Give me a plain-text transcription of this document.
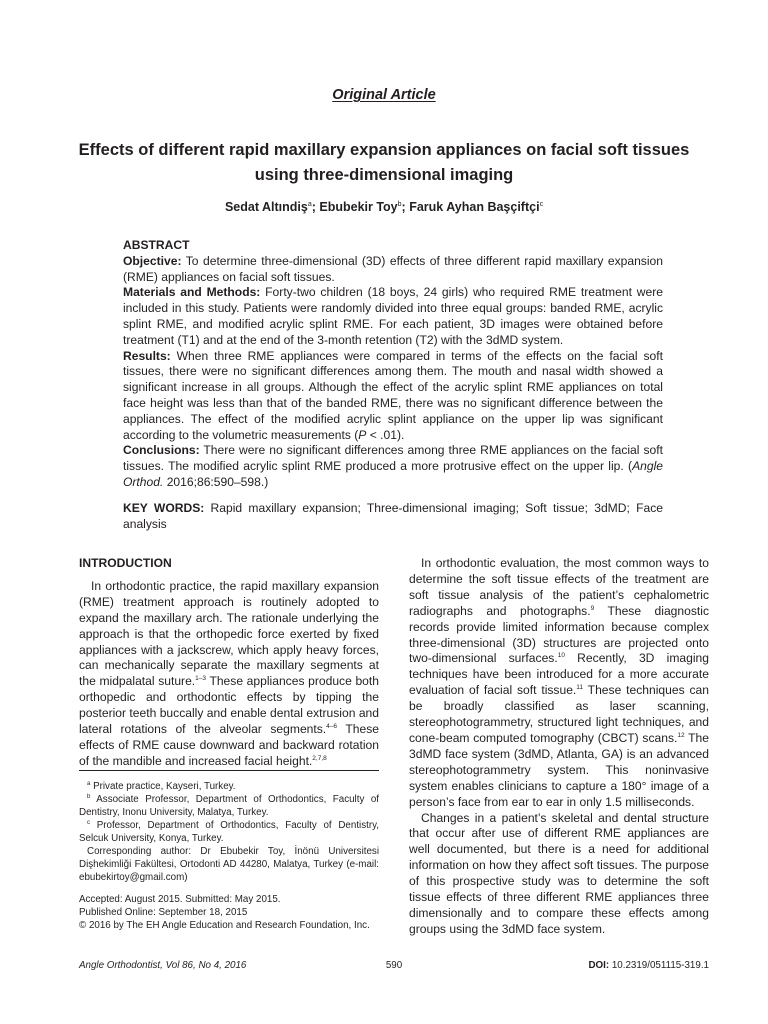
Original Article
Effects of different rapid maxillary expansion appliances on facial soft tissues using three-dimensional imaging
Sedat Altındiş$^a$; Ebubekir Toy$^b$; Faruk Ayhan Başçiftçi$^c$

ABSTRACT

Objective: To determine three-dimensional (3D) effects of three different rapid maxillary expansion (RME) appliances on facial soft tissues.

Materials and Methods: Forty-two children (18 boys, 24 girls) who required RME treatment were included in this study. Patients were randomly divided into three equal groups: banded RME, acrylic splint RME, and modified acrylic splint RME. For each patient, 3D images were obtained before treatment (T1) and at the end of the 3-month retention (T2) with the 3dMD system.

Results: When three RME appliances were compared in terms of the effects on the facial soft tissues, there were no significant differences among them. The mouth and nasal width showed a significant increase in all groups. Although the effect of the acrylic splint RME appliances on total face height was less than that of the banded RME, there was no significant difference between the appliances. The effect of the modified acrylic splint appliance on the upper lip was significant according to the volumetric measurements (P < .01).

Conclusions: There were no significant differences among three RME appliances on the facial soft tissues. The modified acrylic splint RME produced a more protrusive effect on the upper lip. (Angle Orthod. 2016;86:590–598.)

KEY WORDS: Rapid maxillary expansion; Three-dimensional imaging; Soft tissue; 3dMD; Face analysis

INTRODUCTION

In orthodontic practice, the rapid maxillary expansion (RME) treatment approach is routinely adopted to expand the maxillary arch. The rationale underlying the approach is that the orthopedic force exerted by fixed appliances with a jackscrew, which apply heavy forces, can mechanically separate the maxillary segments at the midpalatal suture.$^{1-3}$ These appliances produce both orthopedic and orthodontic effects by tipping the posterior teeth buccally and enable dental extrusion and lateral rotations of the alveolar segments.$^{4-6}$ These effects of RME cause downward and backward rotation of the mandible and increased facial height.$^{2,7,8}$

$^a$ Private practice, Kayseri, Turkey.

$^b$ Associate Professor, Department of Orthodontics, Faculty of Dentistry, Inonu University, Malatya, Turkey.

$^c$ Professor, Department of Orthodontics, Faculty of Dentistry, Selcuk University, Konya, Turkey.

Corresponding author: Dr Ebubekir Toy, İnönü Universitesi Dişhekimliği Fakültesi, Ortodonti AD 44280, Malatya, Turkey (e-mail: ebubekirtoy@gmail.com)

Accepted: August 2015. Submitted: May 2015.

Published Online: September 18, 2015

© 2016 by The EH Angle Education and Research Foundation, Inc.

In orthodontic evaluation, the most common ways to determine the soft tissue effects of the treatment are soft tissue analysis of the patient’s cephalometric radiographs and photographs.$^9$ These diagnostic records provide limited information because complex three-dimensional (3D) structures are projected onto two-dimensional surfaces.$^{10}$ Recently, 3D imaging techniques have been introduced for a more accurate evaluation of facial soft tissue.$^{11}$ These techniques can be broadly classified as laser scanning, stereophotogrammetry, structured light techniques, and cone-beam computed tomography (CBCT) scans.$^{12}$ The 3dMD face system (3dMD, Atlanta, GA) is an advanced stereophotogrammetry system. This noninvasive system enables clinicians to capture a 180° image of a person’s face from ear to ear in only 1.5 milliseconds.

Changes in a patient’s skeletal and dental structure that occur after use of different RME appliances are well documented, but there is a need for additional information on how they affect soft tissues. The purpose of this prospective study was to determine the soft tissue effects of three different RME appliances three dimensionally and to compare these effects among groups using the 3dMD face system.

Angle Orthodontist, Vol 86, No 4, 2016	590	DOI: 10.2319/051115-319.1
